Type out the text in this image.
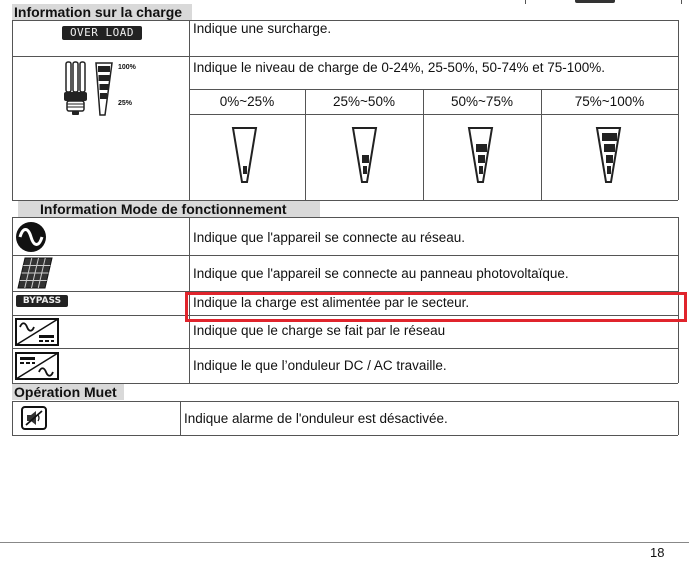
Information sur la charge
OVER LOAD	Indique une surcharge.
100%
25%
Indique le niveau de charge de 0-24%, 25-50%, 50-74% et 75-100%.
0%~25%	25%~50%	50%~75%	75%~100%
Information Mode de fonctionnement
Indique que l'appareil se connecte au réseau.
Indique que l'appareil se connecte au panneau photovoltaïque.
BYPASS	Indique la charge est alimentée par le secteur.
Indique que le charge se fait par le réseau
Indique le que l’onduleur DC / AC travaille.
Opération Muet
Indique alarme de l'onduleur est désactivée.
18
